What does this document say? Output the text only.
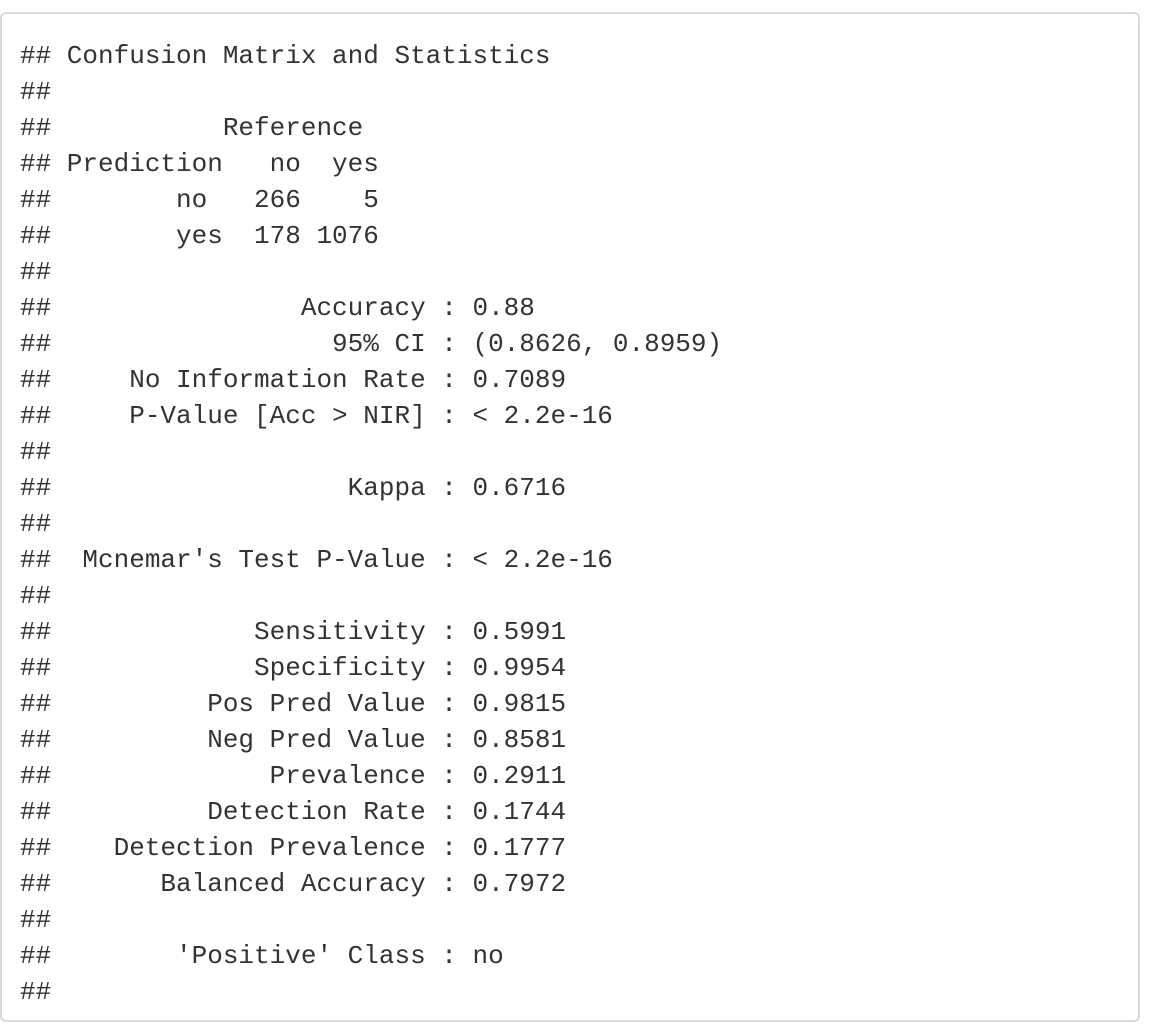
## Confusion Matrix and Statistics
##
##           Reference
## Prediction   no  yes
##        no   266    5
##        yes  178 1076
##
##                Accuracy : 0.88
##                  95% CI : (0.8626, 0.8959)
##     No Information Rate : 0.7089
##     P-Value [Acc > NIR] : < 2.2e-16
##
##                   Kappa : 0.6716
##
##  Mcnemar's Test P-Value : < 2.2e-16
##
##             Sensitivity : 0.5991
##             Specificity : 0.9954
##          Pos Pred Value : 0.9815
##          Neg Pred Value : 0.8581
##              Prevalence : 0.2911
##          Detection Rate : 0.1744
##    Detection Prevalence : 0.1777
##       Balanced Accuracy : 0.7972
##
##        'Positive' Class : no
##
